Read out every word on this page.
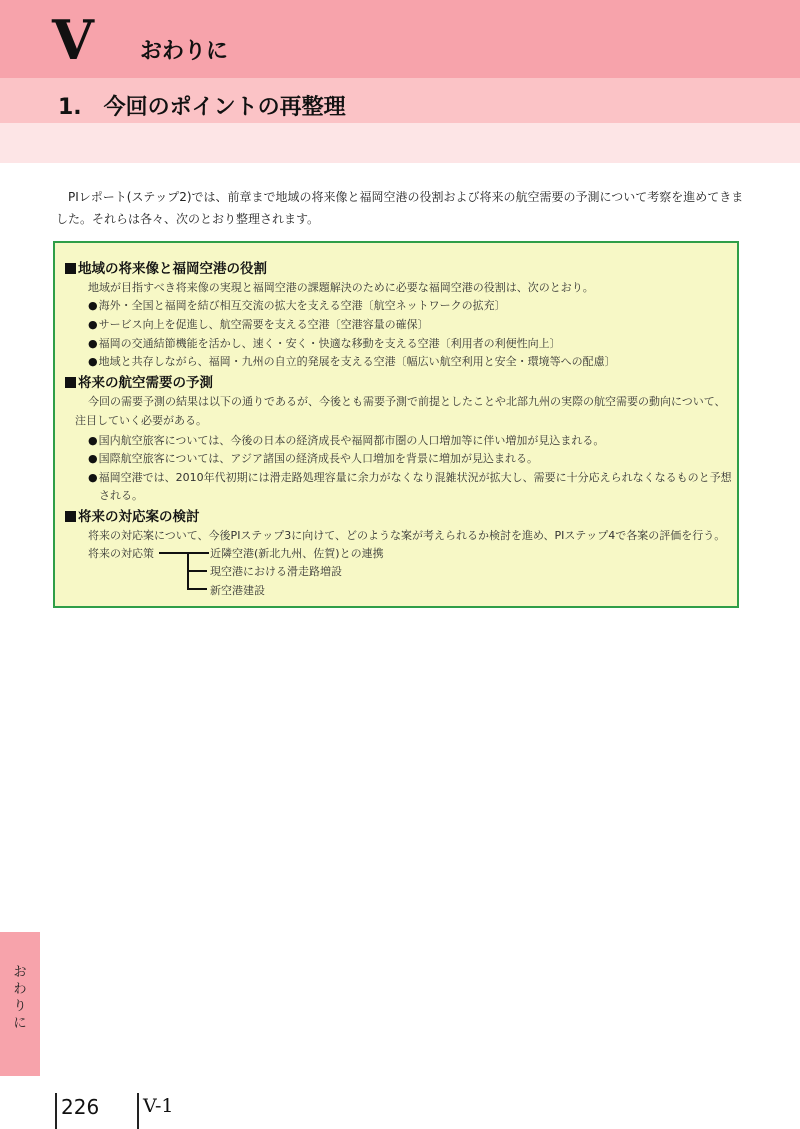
V おわりに
1.　今回のポイントの再整理
PIレポート(ステップ2)では、前章まで地域の将来像と福岡空港の役割および将来の航空需要の予測について考察を進めてきました。それらは各々、次のとおり整理されます。
地域の将来像と福岡空港の役割
地域が目指すべき将来像の実現と福岡空港の課題解決のために必要な福岡空港の役割は、次のとおり。
●海外・全国と福岡を結び相互交流の拡大を支える空港〔航空ネットワークの拡充〕
●サービス向上を促進し、航空需要を支える空港〔空港容量の確保〕
●福岡の交通結節機能を活かし、速く・安く・快適な移動を支える空港〔利用者の利便性向上〕
●地域と共存しながら、福岡・九州の自立的発展を支える空港〔幅広い航空利用と安全・環境等への配慮〕
将来の航空需要の予測
今回の需要予測の結果は以下の通りであるが、今後とも需要予測で前提としたことや北部九州の実際の航空需要の動向について、
注目していく必要がある。
●国内航空旅客については、今後の日本の経済成長や福岡都市圏の人口増加等に伴い増加が見込まれる。
●国際航空旅客については、アジア諸国の経済成長や人口増加を背景に増加が見込まれる。
●福岡空港では、2010年代初期には滑走路処理容量に余力がなくなり混雑状況が拡大し、需要に十分応えられなくなるものと予想
される。
将来の対応案の検討
将来の対応案について、今後PIステップ3に向けて、どのような案が考えられるか検討を進め、PIステップ4で各案の評価を行う。
将来の対応策	近隣空港(新北九州、佐賀)との連携
現空港における滑走路増設
新空港建設
おわりに
226 V-1
